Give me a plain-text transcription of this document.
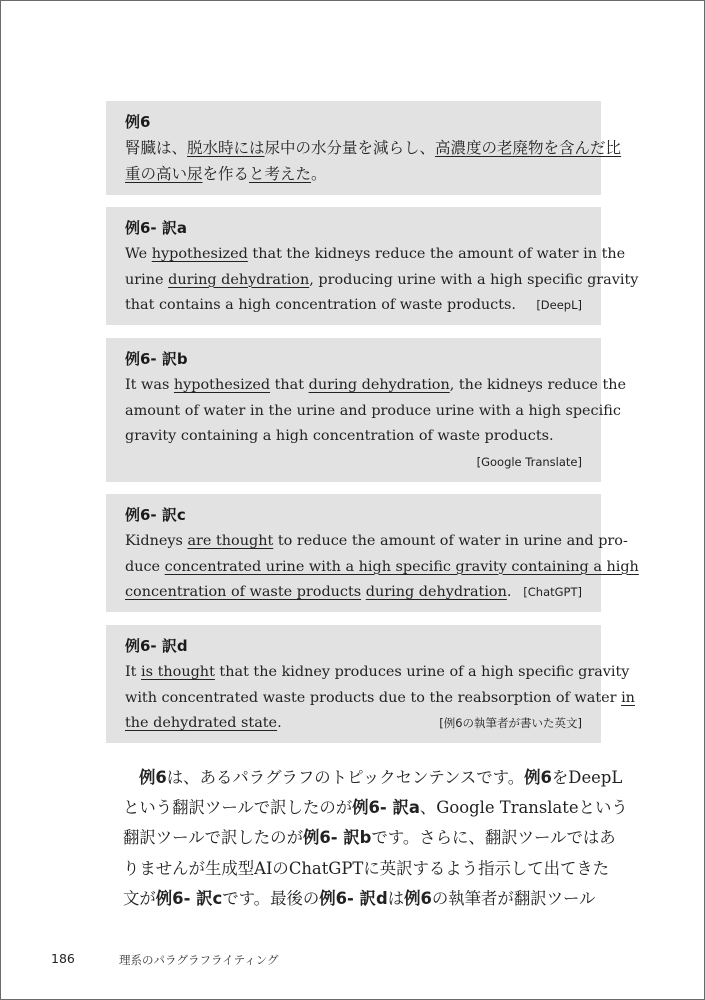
例6
腎臓は、脱水時には尿中の水分量を減らし、高濃度の老廃物を含んだ比
重の高い尿を作ると考えた。
例6- 訳a
We hypothesized that the kidneys reduce the amount of water in the
urine during dehydration, producing urine with a high specific gravity
that contains a high concentration of waste products. [DeepL]
例6- 訳b
It was hypothesized that during dehydration, the kidneys reduce the
amount of water in the urine and produce urine with a high specific
gravity containing a high concentration of waste products.
[Google Translate]
例6- 訳c
Kidneys are thought to reduce the amount of water in urine and pro-
duce concentrated urine with a high specific gravity containing a high
concentration of waste products during dehydration. [ChatGPT]
例6- 訳d
It is thought that the kidney produces urine of a high specific gravity
with concentrated waste products due to the reabsorption of water in
the dehydrated state.	[例6の執筆者が書いた英文]
例6は、あるパラグラフのトピックセンテンスです。例6をDeepL
という翻訳ツールで訳したのが例6- 訳a、Google Translateという
翻訳ツールで訳したのが例6- 訳bです。さらに、翻訳ツールではあ
りませんが生成型AIのChatGPTに英訳するよう指示して出てきた
文が例6- 訳cです。最後の例6- 訳dは例6の執筆者が翻訳ツール
186	理系のパラグラフライティング
